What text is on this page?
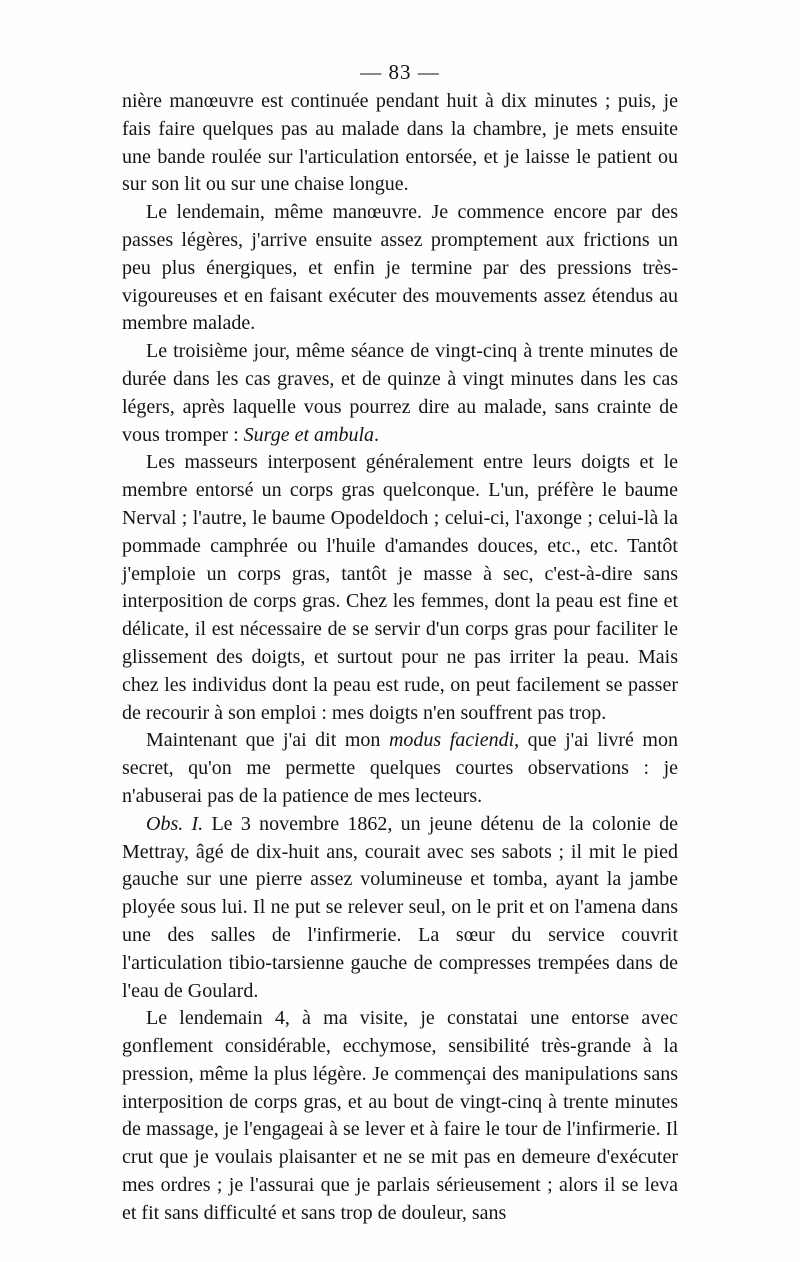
— 83 —

nière manœuvre est continuée pendant huit à dix minutes ; puis, je fais faire quelques pas au malade dans la chambre, je mets ensuite une bande roulée sur l'articulation entorsée, et je laisse le patient ou sur son lit ou sur une chaise longue.

Le lendemain, même manœuvre. Je commence encore par des passes légères, j'arrive ensuite assez promptement aux frictions un peu plus énergiques, et enfin je termine par des pressions très-vigoureuses et en faisant exécuter des mouvements assez étendus au membre malade.

Le troisième jour, même séance de vingt-cinq à trente minutes de durée dans les cas graves, et de quinze à vingt minutes dans les cas légers, après laquelle vous pourrez dire au malade, sans crainte de vous tromper : Surge et ambula.

Les masseurs interposent généralement entre leurs doigts et le membre entorsé un corps gras quelconque. L'un, préfère le baume Nerval ; l'autre, le baume Opodeldoch ; celui-ci, l'axonge ; celui-là la pommade camphrée ou l'huile d'amandes douces, etc., etc. Tantôt j'emploie un corps gras, tantôt je masse à sec, c'est-à-dire sans interposition de corps gras. Chez les femmes, dont la peau est fine et délicate, il est nécessaire de se servir d'un corps gras pour faciliter le glissement des doigts, et surtout pour ne pas irriter la peau. Mais chez les individus dont la peau est rude, on peut facilement se passer de recourir à son emploi : mes doigts n'en souffrent pas trop.

Maintenant que j'ai dit mon modus faciendi, que j'ai livré mon secret, qu'on me permette quelques courtes observations : je n'abuserai pas de la patience de mes lecteurs.

Obs. I. Le 3 novembre 1862, un jeune détenu de la colonie de Mettray, âgé de dix-huit ans, courait avec ses sabots ; il mit le pied gauche sur une pierre assez volumineuse et tomba, ayant la jambe ployée sous lui. Il ne put se relever seul, on le prit et on l'amena dans une des salles de l'infirmerie. La sœur du service couvrit l'articulation tibio-tarsienne gauche de compresses trempées dans de l'eau de Goulard.

Le lendemain 4, à ma visite, je constatai une entorse avec gonflement considérable, ecchymose, sensibilité très-grande à la pression, même la plus légère. Je commençai des manipulations sans interposition de corps gras, et au bout de vingt-cinq à trente minutes de massage, je l'engageai à se lever et à faire le tour de l'infirmerie. Il crut que je voulais plaisanter et ne se mit pas en demeure d'exécuter mes ordres ; je l'assurai que je parlais sérieusement ; alors il se leva et fit sans difficulté et sans trop de douleur, sans
